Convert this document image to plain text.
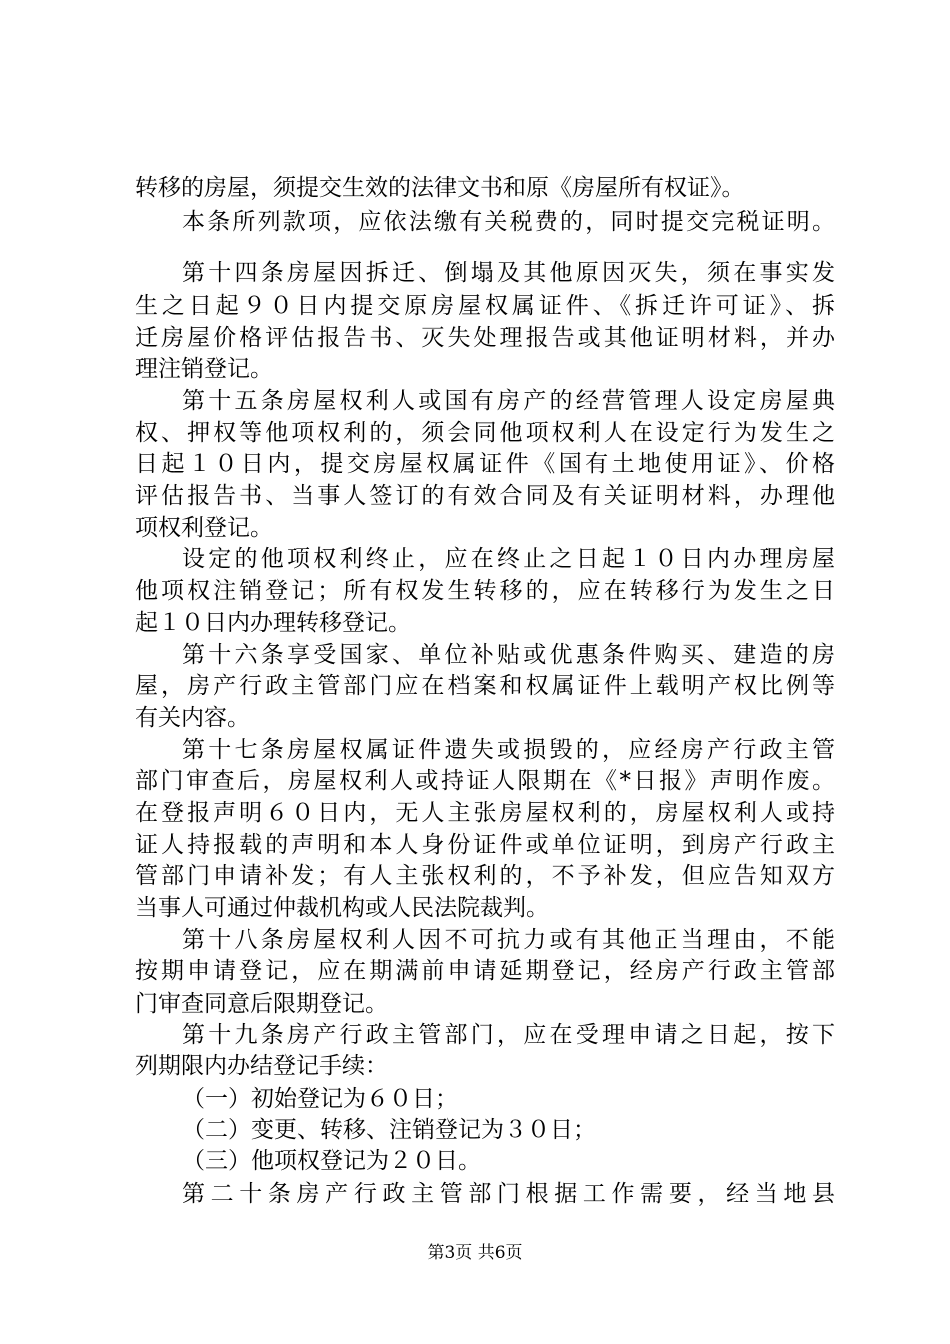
转移的房屋，须提交生效的法律文书和原《房屋所有权证》。
本条所列款项，应依法缴有关税费的，同时提交完税证明。
第十四条房屋因拆迁、倒塌及其他原因灭失，须在事实发
生之日起９０日内提交原房屋权属证件、《拆迁许可证》、拆
迁房屋价格评估报告书、灭失处理报告或其他证明材料，并办
理注销登记。
第十五条房屋权利人或国有房产的经营管理人设定房屋典
权、押权等他项权利的，须会同他项权利人在设定行为发生之
日起１０日内，提交房屋权属证件《国有土地使用证》、价格
评估报告书、当事人签订的有效合同及有关证明材料，办理他
项权利登记。
设定的他项权利终止，应在终止之日起１０日内办理房屋
他项权注销登记；所有权发生转移的，应在转移行为发生之日
起１０日内办理转移登记。
第十六条享受国家、单位补贴或优惠条件购买、建造的房
屋，房产行政主管部门应在档案和权属证件上载明产权比例等
有关内容。
第十七条房屋权属证件遗失或损毁的，应经房产行政主管
部门审查后，房屋权利人或持证人限期在《*日报》声明作废。
在登报声明６０日内，无人主张房屋权利的，房屋权利人或持
证人持报载的声明和本人身份证件或单位证明，到房产行政主
管部门申请补发；有人主张权利的，不予补发，但应告知双方
当事人可通过仲裁机构或人民法院裁判。
第十八条房屋权利人因不可抗力或有其他正当理由，不能
按期申请登记，应在期满前申请延期登记，经房产行政主管部
门审查同意后限期登记。
第十九条房产行政主管部门，应在受理申请之日起，按下
列期限内办结登记手续：
（一）初始登记为６０日；
（二）变更、转移、注销登记为３０日；
（三）他项权登记为２０日。
第二十条房产行政主管部门根据工作需要，经当地县
第3页 共6页
